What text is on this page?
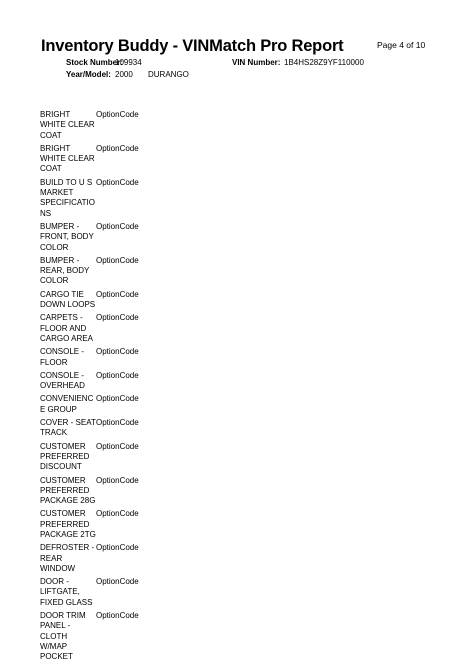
Inventory Buddy - VINMatch Pro Report	Page 4 of 10
Stock Number:
109934	VIN Number: 1B4HS28Z9YF110000
Year/Model: 2000 DURANGO
BRIGHT WHITE CLEAR COAT
OptionCode
BRIGHT WHITE CLEAR COAT
OptionCode
BUILD TO U S MARKET SPECIFICATIONS
OptionCode
BUMPER - FRONT, BODY COLOR
OptionCode
BUMPER - REAR, BODY COLOR
OptionCode
CARGO TIE DOWN LOOPS
OptionCode
CARPETS - FLOOR AND CARGO AREA
OptionCode
CONSOLE - FLOOR
OptionCode
CONSOLE - OVERHEAD
OptionCode
CONVENIENCE GROUP
OptionCode
COVER - SEAT TRACK
OptionCode
CUSTOMER PREFERRED DISCOUNT
OptionCode
CUSTOMER PREFERRED PACKAGE 28G
OptionCode
CUSTOMER PREFERRED PACKAGE 2TG
OptionCode
DEFROSTER - REAR WINDOW
OptionCode
DOOR - LIFTGATE, FIXED GLASS
OptionCode
DOOR TRIM PANEL - CLOTH W/MAP POCKET
OptionCode
